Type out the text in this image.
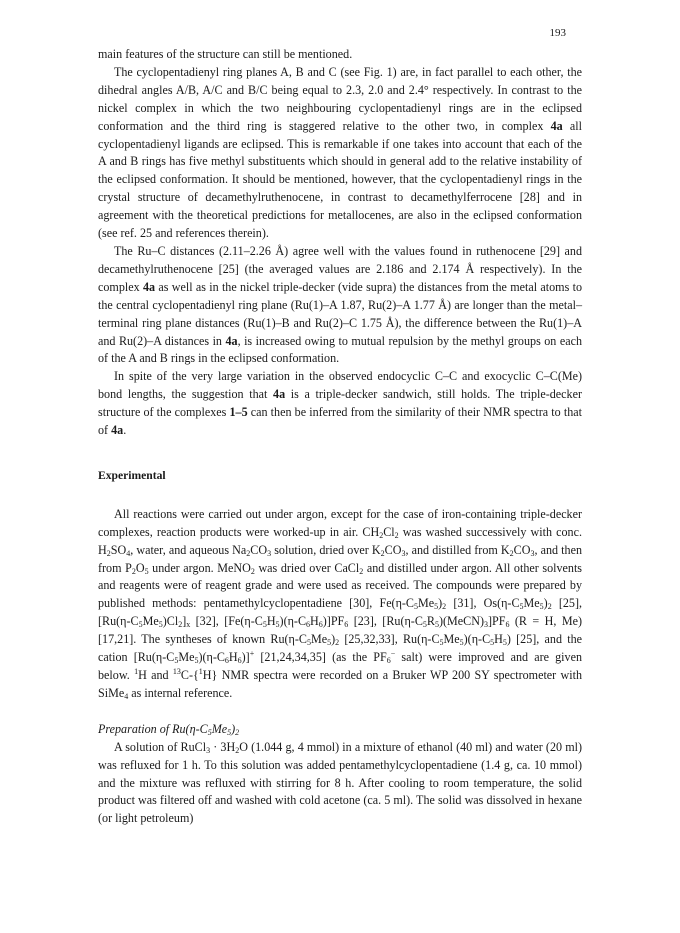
193

main features of the structure can still be mentioned.

The cyclopentadienyl ring planes A, B and C (see Fig. 1) are, in fact parallel to each other, the dihedral angles A/B, A/C and B/C being equal to 2.3, 2.0 and 2.4° respectively. In contrast to the nickel complex in which the two neighbouring cyclopentadienyl rings are in the eclipsed conformation and the third ring is staggered relative to the other two, in complex 4a all cyclopentadienyl ligands are eclipsed. This is remarkable if one takes into account that each of the A and B rings has five methyl substituents which should in general add to the relative instability of the eclipsed conformation. It should be mentioned, however, that the cyclopentadienyl rings in the crystal structure of decamethylruthenocene, in contrast to decamethylferrocene [28] and in agreement with the theoretical predictions for metallocenes, are also in the eclipsed conformation (see ref. 25 and references therein).

The Ru–C distances (2.11–2.26 Å) agree well with the values found in ruthenocene [29] and decamethylruthenocene [25] (the averaged values are 2.186 and 2.174 Å respectively). In the complex 4a as well as in the nickel triple-decker (vide supra) the distances from the metal atoms to the central cyclopentadienyl ring plane (Ru(1)–A 1.87, Ru(2)–A 1.77 Å) are longer than the metal–terminal ring plane distances (Ru(1)–B and Ru(2)–C 1.75 Å), the difference between the Ru(1)–A and Ru(2)–A distances in 4a, is increased owing to mutual repulsion by the methyl groups on each of the A and B rings in the eclipsed conformation.

In spite of the very large variation in the observed endocyclic C–C and exocyclic C–C(Me) bond lengths, the suggestion that 4a is a triple-decker sandwich, still holds. The triple-decker structure of the complexes 1–5 can then be inferred from the similarity of their NMR spectra to that of 4a.

Experimental

All reactions were carried out under argon, except for the case of iron-containing triple-decker complexes, reaction products were worked-up in air. $CH_2Cl_2$ was washed successively with conc. $H_2SO_4$, water, and aqueous $Na_2CO_3$ solution, dried over $K_2CO_3$, and distilled from $K_2CO_3$, and then from $P_2O_5$ under argon. MeNO$_2$ was dried over CaCl$_2$ and distilled under argon. All other solvents and reagents were of reagent grade and were used as received. The compounds were prepared by published methods: pentamethylcyclopentadiene [30], $Fe(\eta-C_5Me_5)_2$ [31], $Os(\eta-C_5Me_5)_2$ [25], $[Ru(\eta-C_5Me_5)Cl_2]_x$ [32], $[Fe(\eta-C_5H_5)(\eta-C_6H_6)]PF_6$ [23], $[Ru(\eta-C_5R_5)(MeCN)_3]PF_6$ (R = H, Me) [17,21]. The syntheses of known $Ru(\eta-C_5Me_5)_2$ [25,32,33], $Ru(\eta-C_5Me_5)(\eta-C_5H_5)$ [25], and the cation $[Ru(\eta-C_5Me_5)(\eta-C_6H_6)]^+$ [21,24,34,35] (as the $PF_6^-$ salt) were improved and are given below. $^1$H and $^{13}$C-{$^1$H} NMR spectra were recorded on a Bruker WP 200 SY spectrometer with SiMe$_4$ as internal reference.

Preparation of $Ru(\eta-C_5Me_5)_2$

A solution of RuCl$_3$ · $3H_2O$ (1.044 g, 4 mmol) in a mixture of ethanol (40 ml) and water (20 ml) was refluxed for 1 h. To this solution was added pentamethylcyclopentadiene (1.4 g, ca. 10 mmol) and the mixture was refluxed with stirring for 8 h. After cooling to room temperature, the solid product was filtered off and washed with cold acetone (ca. 5 ml). The solid was dissolved in hexane (or light petroleum)
